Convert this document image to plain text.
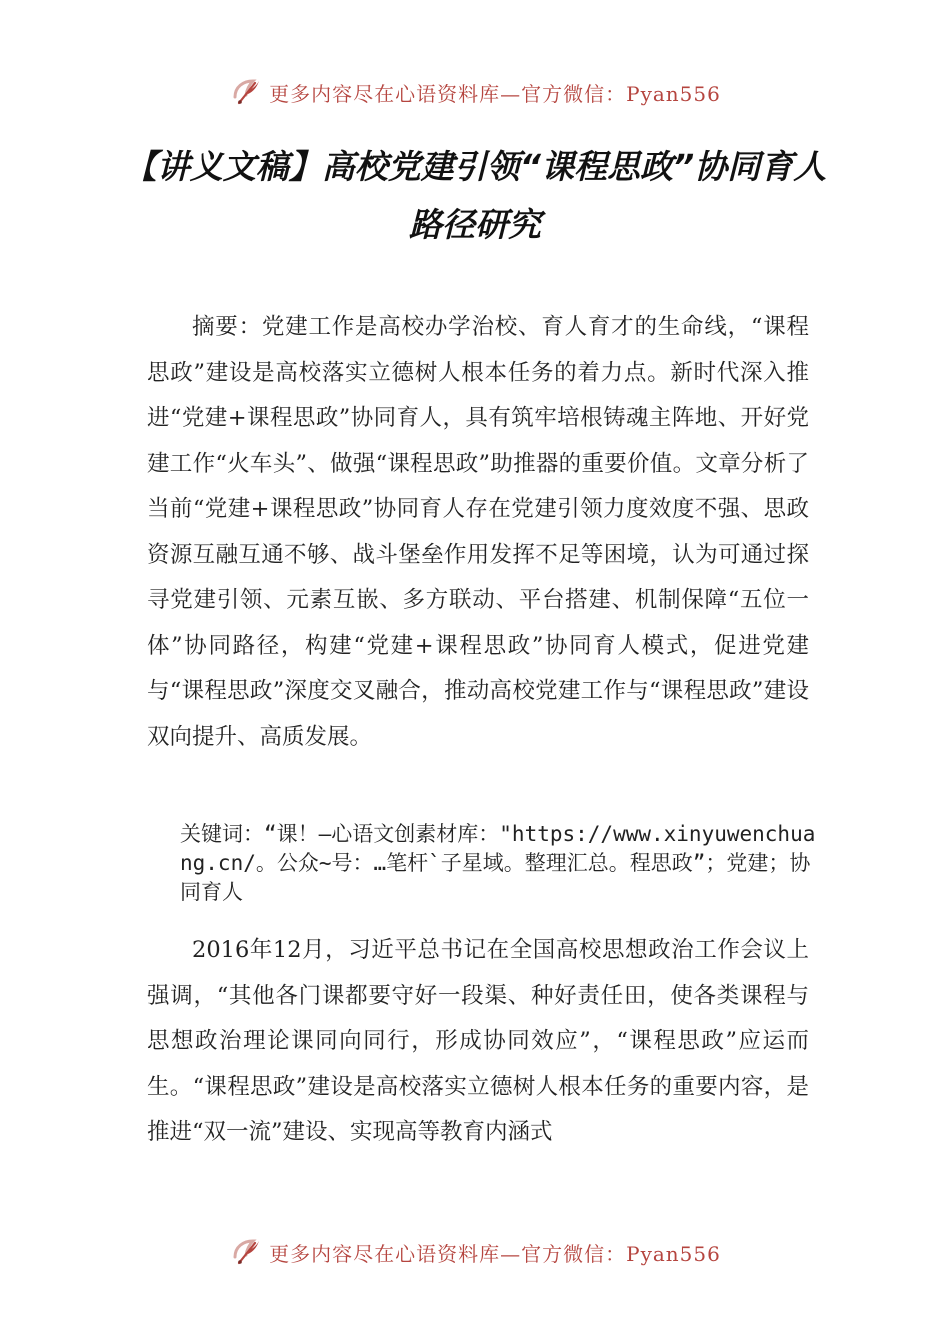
更多内容尽在心语资料库—官方微信：Pyan556
【讲义文稿】高校党建引领“课程思政”协同育人路径研究

摘要：党建工作是高校办学治校、育人育才的生命线，“课程思政”建设是高校落实立德树人根本任务的着力点。新时代深入推进“党建+课程思政”协同育人，具有筑牢培根铸魂主阵地、开好党建工作“火车头”、做强“课程思政”助推器的重要价值。文章分析了当前“党建+课程思政”协同育人存在党建引领力度效度不强、思政资源互融互通不够、战斗堡垒作用发挥不足等困境，认为可通过探寻党建引领、元素互嵌、多方联动、平台搭建、机制保障“五位一体”协同路径，构建“党建+课程思政”协同育人模式，促进党建与“课程思政”深度交叉融合，推动高校党建工作与“课程思政”建设双向提升、高质发展。

关键词：“课！—心语文创素材库："https://www.xinyuwenchuang.cn/。公众~号：…笔杆`子星域。整理汇总。程思政”；党建；协同育人

2016年12月，习近平总书记在全国高校思想政治工作会议上强调，“其他各门课都要守好一段渠、种好责任田，使各类课程与思想政治理论课同向同行，形成协同效应”，“课程思政”应运而生。“课程思政”建设是高校落实立德树人根本任务的重要内容，是推进“双一流”建设、实现高等教育内涵式

更多内容尽在心语资料库—官方微信：Pyan556
